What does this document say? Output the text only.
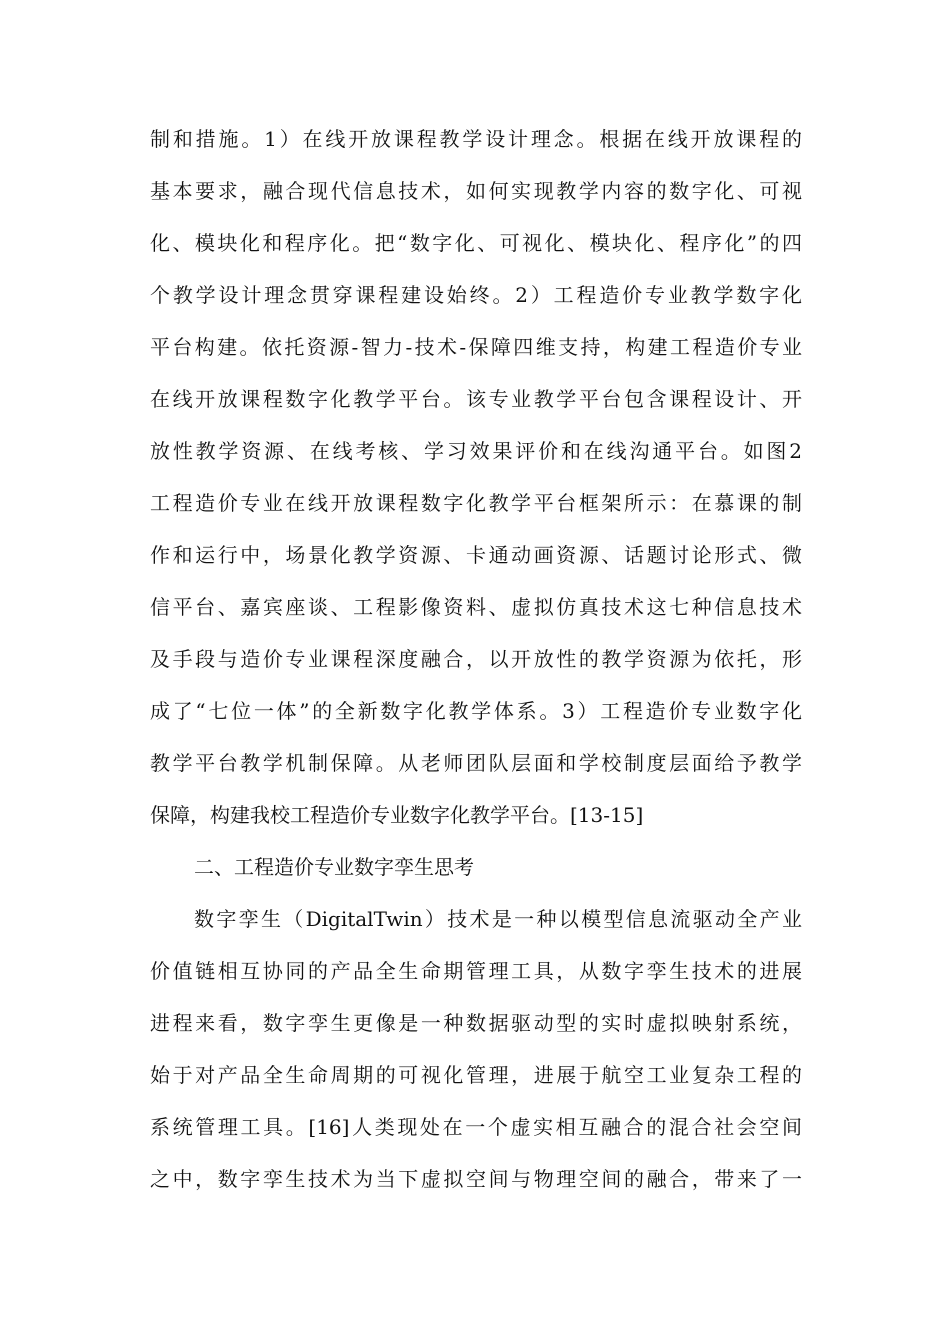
制和措施。1）在线开放课程教学设计理念。根据在线开放课程的
基本要求，融合现代信息技术，如何实现教学内容的数字化、可视
化、模块化和程序化。把“数字化、可视化、模块化、程序化”的四
个教学设计理念贯穿课程建设始终。2）工程造价专业教学数字化
平台构建。依托资源-智力-技术-保障四维支持，构建工程造价专业
在线开放课程数字化教学平台。该专业教学平台包含课程设计、开
放性教学资源、在线考核、学习效果评价和在线沟通平台。如图2
工程造价专业在线开放课程数字化教学平台框架所示：在慕课的制
作和运行中，场景化教学资源、卡通动画资源、话题讨论形式、微
信平台、嘉宾座谈、工程影像资料、虚拟仿真技术这七种信息技术
及手段与造价专业课程深度融合，以开放性的教学资源为依托，形
成了“七位一体”的全新数字化教学体系。3）工程造价专业数字化
教学平台教学机制保障。从老师团队层面和学校制度层面给予教学
保障，构建我校工程造价专业数字化教学平台。[13-15]
二、工程造价专业数字孪生思考
数字孪生（DigitalTwin）技术是一种以模型信息流驱动全产业
价值链相互协同的产品全生命期管理工具，从数字孪生技术的进展
进程来看，数字孪生更像是一种数据驱动型的实时虚拟映射系统，
始于对产品全生命周期的可视化管理，进展于航空工业复杂工程的
系统管理工具。[16]人类现处在一个虚实相互融合的混合社会空间
之中，数字孪生技术为当下虚拟空间与物理空间的融合，带来了一
